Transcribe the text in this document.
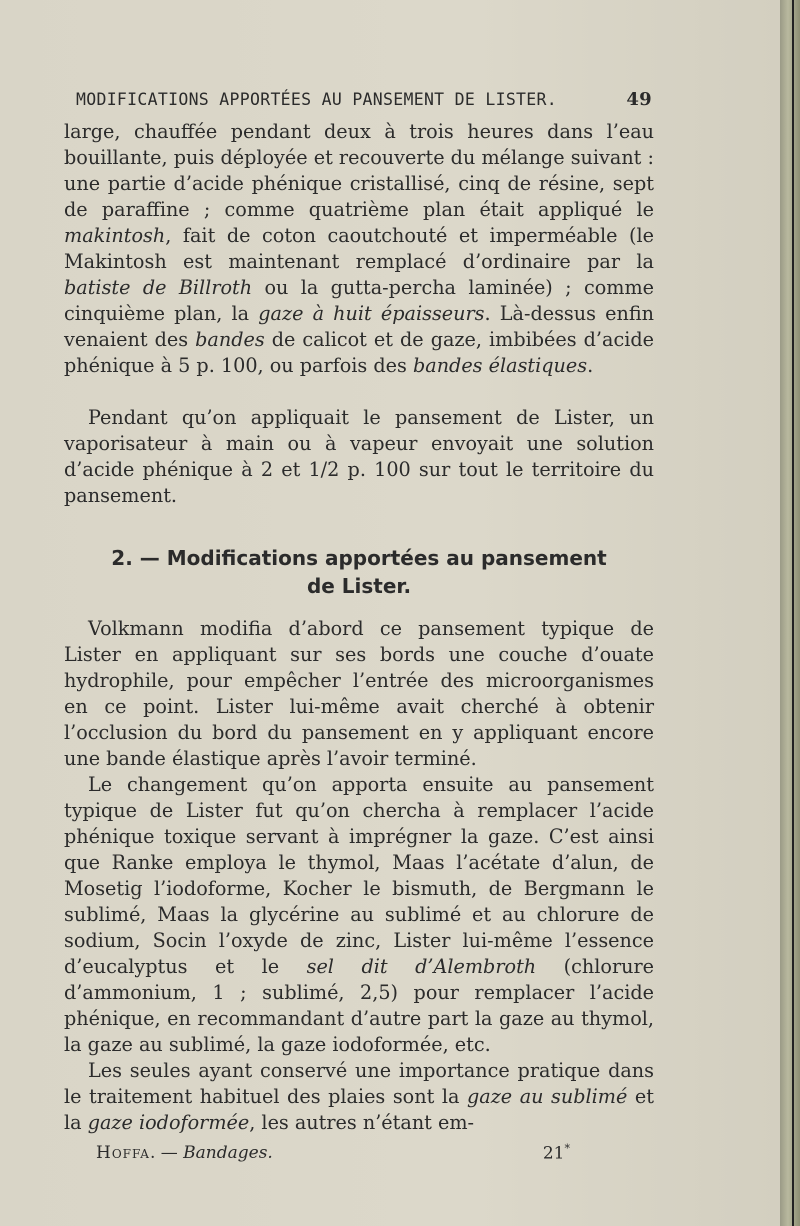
MODIFICATIONS APPORTÉES AU PANSEMENT DE LISTER.	49
large, chauffée pendant deux à trois heures dans l’eau bouillante, puis déployée et recouverte du mélange suivant : une partie d’acide phénique cristallisé, cinq de résine, sept de paraffine ; comme quatrième plan était appliqué le makintosh, fait de coton caoutchouté et imperméable (le Makintosh est maintenant remplacé d’ordinaire par la batiste de Billroth ou la gutta-percha laminée) ; comme cinquième plan, la gaze à huit épaisseurs. Là-dessus enfin venaient des bandes de calicot et de gaze, imbibées d’acide phénique à 5 p. 100, ou parfois des bandes élastiques.
Pendant qu’on appliquait le pansement de Lister, un vaporisateur à main ou à vapeur envoyait une solution d’acide phénique à 2 et 1/2 p. 100 sur tout le territoire du pansement.
2. — Modifications apportées au pansement
de Lister.
Volkmann modifia d’abord ce pansement typique de Lister en appliquant sur ses bords une couche d’ouate hydrophile, pour empêcher l’entrée des microorganismes en ce point. Lister lui-même avait cherché à obtenir l’occlusion du bord du pansement en y appliquant encore une bande élastique après l’avoir terminé.
Le changement qu’on apporta ensuite au pansement typique de Lister fut qu’on chercha à remplacer l’acide phénique toxique servant à imprégner la gaze. C’est ainsi que Ranke employa le thymol, Maas l’acétate d’alun, de Mosetig l’iodoforme, Kocher le bismuth, de Bergmann le sublimé, Maas la glycérine au sublimé et au chlorure de sodium, Socin l’oxyde de zinc, Lister lui-même l’essence d’eucalyptus et le sel dit d’Alembroth (chlorure d’ammonium, 1 ; sublimé, 2,5) pour remplacer l’acide phénique, en recommandant d’autre part la gaze au thymol, la gaze au sublimé, la gaze iodoformée, etc.
Les seules ayant conservé une importance pratique dans le traitement habituel des plaies sont la gaze au sublimé et la gaze iodoformée, les autres n’étant em-
Hoffa. — Bandages.	21*
